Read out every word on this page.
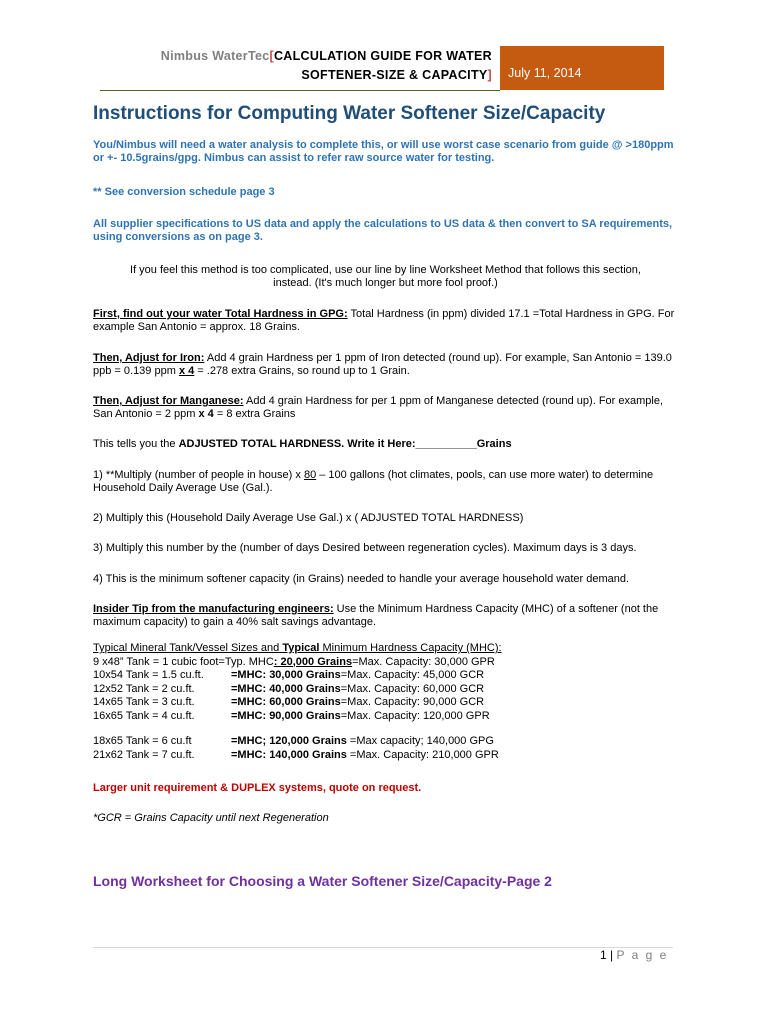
Nimbus WaterTec[CALCULATION GUIDE FOR WATER
SOFTENER-SIZE & CAPACITY] July 11, 2014
Instructions for Computing Water Softener Size/Capacity
You/Nimbus will need a water analysis to complete this, or will use worst case scenario from guide @ >180ppm or +- 10.5grains/gpg. Nimbus can assist to refer raw source water for testing.
** See conversion schedule page 3
All supplier specifications to US data and apply the calculations to US data & then convert to SA requirements, using conversions as on page 3.
If you feel this method is too complicated, use our line by line Worksheet Method that follows this section,
instead. (It's much longer but more fool proof.)
First, find out your water Total Hardness in GPG: Total Hardness (in ppm) divided 17.1 =Total Hardness in GPG. For example San Antonio = approx. 18 Grains.
Then, Adjust for Iron: Add 4 grain Hardness per 1 ppm of Iron detected (round up). For example, San Antonio = 139.0 ppb = 0.139 ppm x 4 = .278 extra Grains, so round up to 1 Grain.
Then, Adjust for Manganese: Add 4 grain Hardness for per 1 ppm of Manganese detected (round up). For example, San Antonio = 2 ppm x 4 = 8 extra Grains
This tells you the ADJUSTED TOTAL HARDNESS. Write it Here:__________Grains
1) **Multiply (number of people in house) x 80 – 100 gallons (hot climates, pools, can use more water) to determine Household Daily Average Use (Gal.).
2) Multiply this (Household Daily Average Use Gal.) x ( ADJUSTED TOTAL HARDNESS)
3) Multiply this number by the (number of days Desired between regeneration cycles). Maximum days is 3 days.
4) This is the minimum softener capacity (in Grains) needed to handle your average household water demand.
Insider Tip from the manufacturing engineers: Use the Minimum Hardness Capacity (MHC) of a softener (not the maximum capacity) to gain a 40% salt savings advantage.
Typical Mineral Tank/Vessel Sizes and Typical Minimum Hardness Capacity (MHC):
9 x48” Tank = 1 cubic foot=Typ. MHC: 20,000 Grains=Max. Capacity: 30,000 GPR
10x54 Tank = 1.5 cu.ft. =MHC: 30,000 Grains=Max. Capacity: 45,000 GCR
12x52 Tank = 2 cu.ft.	=MHC: 40,000 Grains=Max. Capacity: 60,000 GCR
14x65 Tank = 3 cu.ft.	=MHC: 60,000 Grains=Max. Capacity: 90,000 GCR
16x65 Tank = 4 cu.ft.	=MHC: 90,000 Grains=Max. Capacity: 120,000 GPR
18x65 Tank = 6 cu.ft	=MHC; 120,000 Grains =Max capacity; 140,000 GPG
21x62 Tank = 7 cu.ft.	=MHC: 140,000 Grains =Max. Capacity: 210,000 GPR
Larger unit requirement & DUPLEX systems, quote on request.
*GCR = Grains Capacity until next Regeneration
Long Worksheet for Choosing a Water Softener Size/Capacity-Page 2
1 | P a g e
